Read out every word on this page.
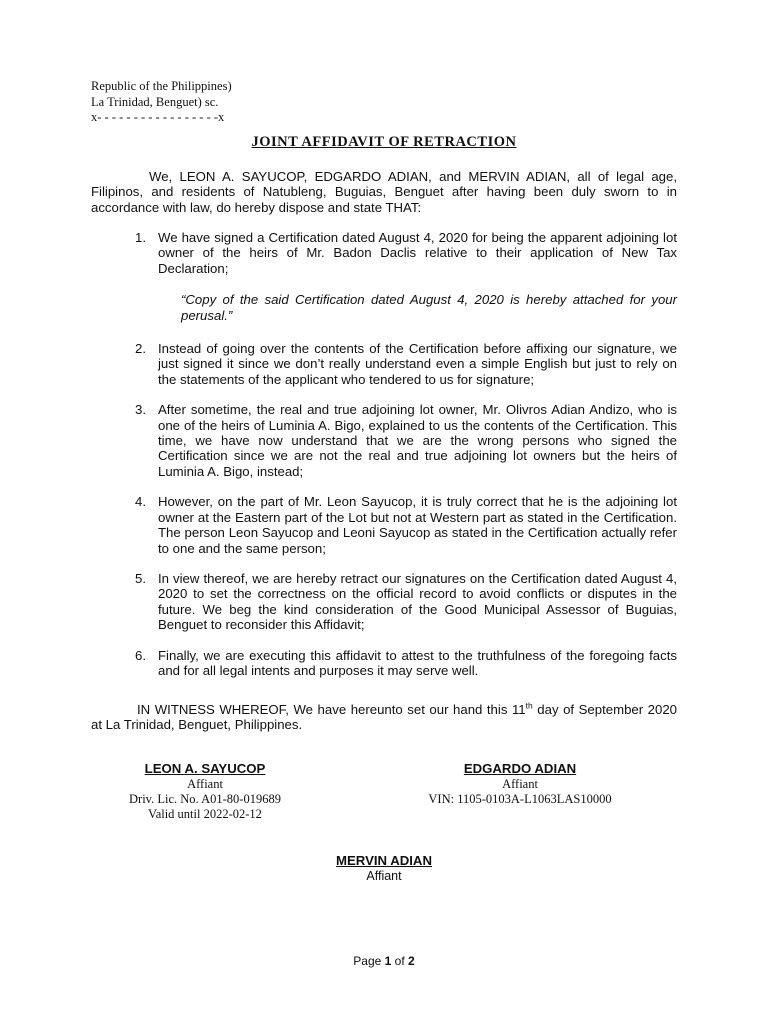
Republic of the Philippines)
La Trinidad, Benguet) sc.
x- - - - - - - - - - - - - - - - -x
JOINT AFFIDAVIT OF RETRACTION
We, LEON A. SAYUCOP, EDGARDO ADIAN, and MERVIN ADIAN, all of legal age, Filipinos, and residents of Natubleng, Buguias, Benguet after having been duly sworn to in accordance with law, do hereby dispose and state THAT:
1. We have signed a Certification dated August 4, 2020 for being the apparent adjoining lot owner of the heirs of Mr. Badon Daclis relative to their application of New Tax Declaration;
“Copy of the said Certification dated August 4, 2020 is hereby attached for your perusal.”
2. Instead of going over the contents of the Certification before affixing our signature, we just signed it since we don’t really understand even a simple English but just to rely on the statements of the applicant who tendered to us for signature;
3. After sometime, the real and true adjoining lot owner, Mr. Olivros Adian Andizo, who is one of the heirs of Luminia A. Bigo, explained to us the contents of the Certification. This time, we have now understand that we are the wrong persons who signed the Certification since we are not the real and true adjoining lot owners but the heirs of Luminia A. Bigo, instead;
4. However, on the part of Mr. Leon Sayucop, it is truly correct that he is the adjoining lot owner at the Eastern part of the Lot but not at Western part as stated in the Certification. The person Leon Sayucop and Leoni Sayucop as stated in the Certification actually refer to one and the same person;
5. In view thereof, we are hereby retract our signatures on the Certification dated August 4, 2020 to set the correctness on the official record to avoid conflicts or disputes in the future. We beg the kind consideration of the Good Municipal Assessor of Buguias, Benguet to reconsider this Affidavit;
6. Finally, we are executing this affidavit to attest to the truthfulness of the foregoing facts and for all legal intents and purposes it may serve well.
IN WITNESS WHEREOF, We have hereunto set our hand this 11th day of September 2020 at La Trinidad, Benguet, Philippines.
LEON A. SAYUCOP
Affiant
Driv. Lic. No. A01-80-019689
Valid until 2022-02-12
EDGARDO ADIAN
Affiant
VIN: 1105-0103A-L1063LAS10000
MERVIN ADIAN
Affiant
Page 1 of 2
